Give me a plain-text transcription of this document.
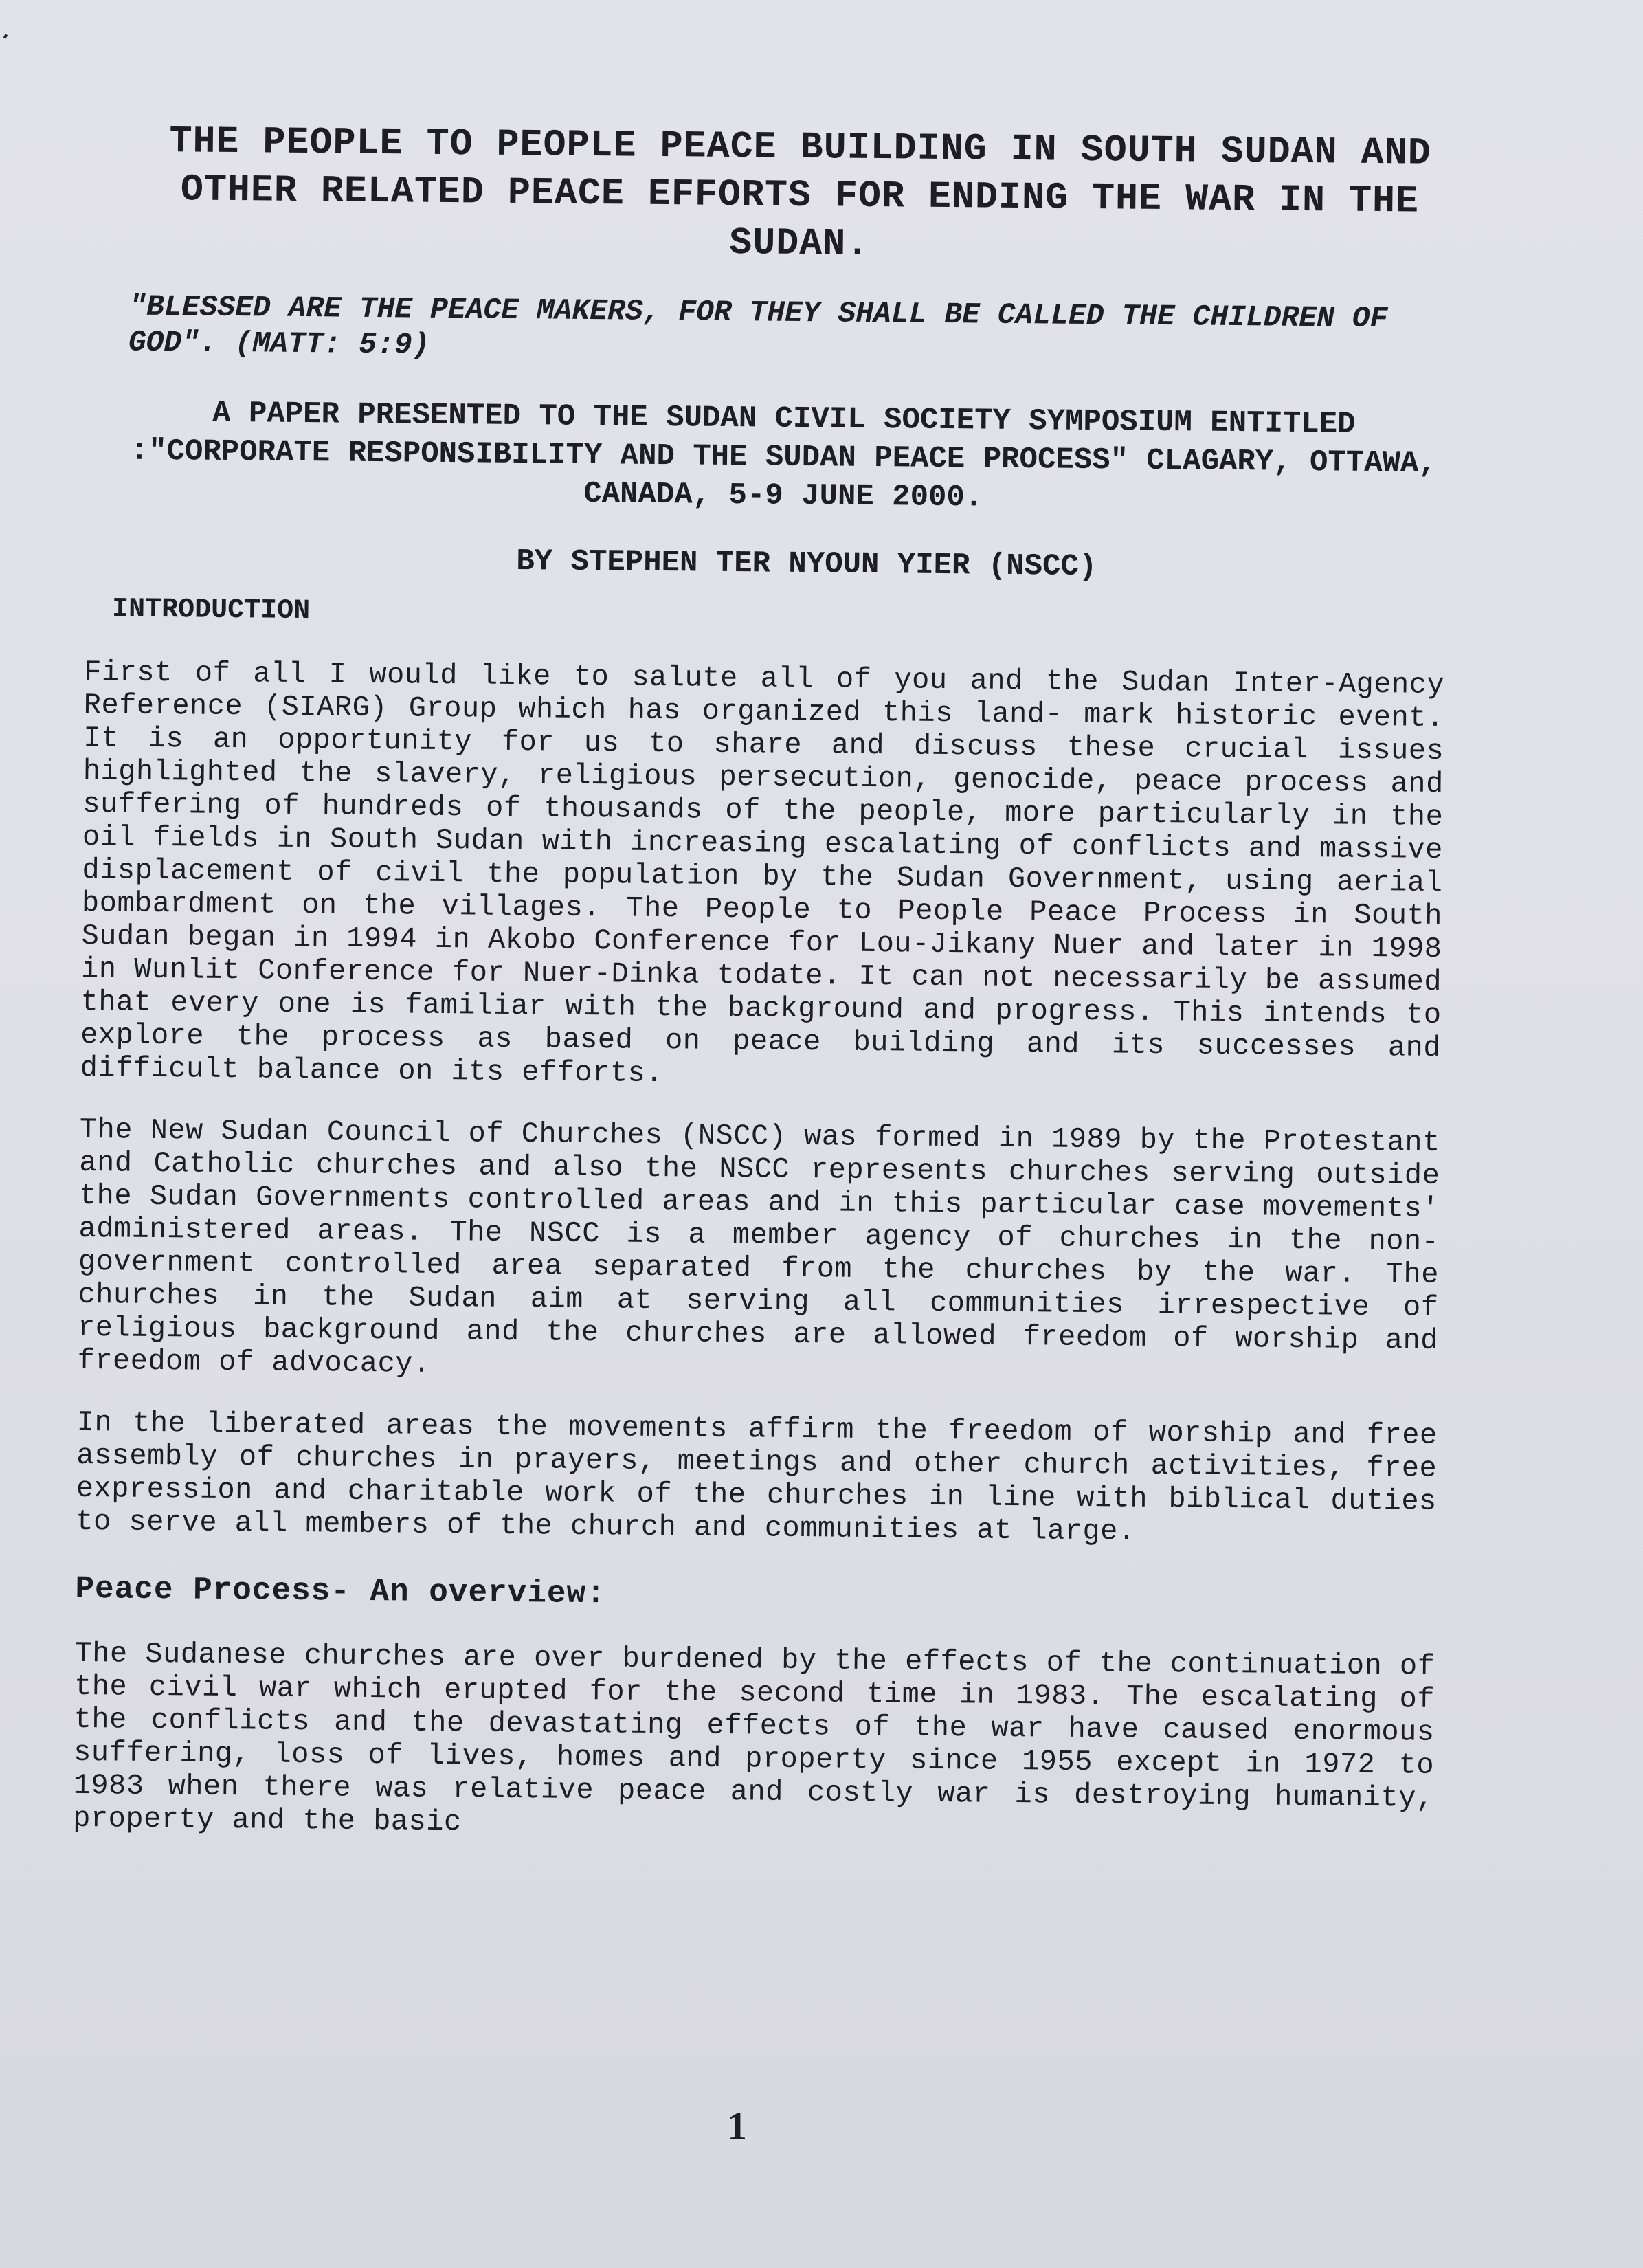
THE PEOPLE TO PEOPLE PEACE BUILDING IN SOUTH SUDAN AND OTHER RELATED PEACE EFFORTS FOR ENDING THE WAR IN THE SUDAN.
"BLESSED ARE THE PEACE MAKERS, FOR THEY SHALL BE CALLED THE CHILDREN OF GOD". (MATT: 5:9)
A PAPER PRESENTED TO THE SUDAN CIVIL SOCIETY SYMPOSIUM ENTITLED :"CORPORATE RESPONSIBILITY AND THE SUDAN PEACE PROCESS" CLAGARY, OTTAWA, CANADA, 5-9 JUNE 2000.
BY STEPHEN TER NYOUN YIER (NSCC)
INTRODUCTION

First of all I would like to salute all of you and the Sudan Inter-Agency Reference (SIARG) Group which has organized this land- mark historic event. It is an opportunity for us to share and discuss these crucial issues highlighted the slavery, religious persecution, genocide, peace process and suffering of hundreds of thousands of the people, more particularly in the oil fields in South Sudan with increasing escalating of conflicts and massive displacement of civil the population by the Sudan Government, using aerial bombardment on the villages. The People to People Peace Process in South Sudan began in 1994 in Akobo Conference for Lou-Jikany Nuer and later in 1998 in Wunlit Conference for Nuer-Dinka todate. It can not necessarily be assumed that every one is familiar with the background and progress. This intends to explore the process as based on peace building and its successes and difficult balance on its efforts.

The New Sudan Council of Churches (NSCC) was formed in 1989 by the Protestant and Catholic churches and also the NSCC represents churches serving outside the Sudan Governments controlled areas and in this particular case movements' administered areas. The NSCC is a member agency of churches in the non-government controlled area separated from the churches by the war. The churches in the Sudan aim at serving all communities irrespective of religious background and the churches are allowed freedom of worship and freedom of advocacy.

In the liberated areas the movements affirm the freedom of worship and free assembly of churches in prayers, meetings and other church activities, free expression and charitable work of the churches in line with biblical duties to serve all members of the church and communities at large.

Peace Process- An overview:

The Sudanese churches are over burdened by the effects of the continuation of the civil war which erupted for the second time in 1983. The escalating of the conflicts and the devastating effects of the war have caused enormous suffering, loss of lives, homes and property since 1955 except in 1972 to 1983 when there was relative peace and costly war is destroying humanity, property and the basic

1
